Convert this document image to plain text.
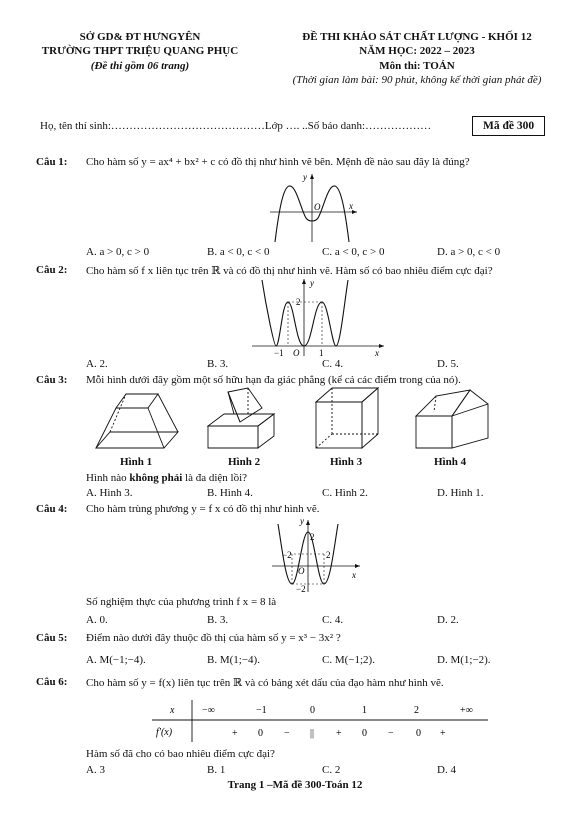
SỞ GD& ĐT HƯNGYÊN
TRƯỜNG THPT TRIỆU QUANG PHỤC
(Đề thi gồm 06 trang)
ĐỀ THI KHẢO SÁT CHẤT LƯỢNG - KHỐI 12
NĂM HỌC: 2022 – 2023
Môn thi: TOÁN
(Thời gian làm bài: 90 phút, không kể thời gian phát đề)
Họ, tên thí sinh:……………………………………Lớp …. ..Số báo danh:………………	Mã đề 300
Câu 1: Cho hàm số y = ax⁴ + bx² + c có đồ thị như hình vẽ bên. Mệnh đề nào sau đây là đúng?
y
O	x
A. a > 0, c > 0	B. a < 0, c < 0	C. a < 0, c > 0	D. a > 0, c < 0
Câu 2: Cho hàm số f x liên tục trên ℝ và có đồ thị như hình vẽ. Hàm số có bao nhiêu điểm cực đại?
2
y
−1 O 1	x
A. 2.	B. 3.	C. 4.	D. 5.
Câu 3: Mỗi hình dưới đây gồm một số hữu hạn đa giác phẳng (kể cả các điểm trong của nó).
Hình 1	Hình 2	Hình 3	Hình 4
Hình nào không phải là đa diện lồi?
A. Hình 3.	B. Hình 4.	C. Hình 2.	D. Hình 1.
Câu 4: Cho hàm trùng phương y = f x có đồ thị như hình vẽ.
y
2
−2	2
O	x
−2
Số nghiệm thực của phương trình f x = 8 là
A. 0.	B. 3.	C. 4.	D. 2.
Câu 5: Điểm nào dưới đây thuộc đồ thị của hàm số y = x³ − 3x² ?
A. M(−1;−4).	B. M(1;−4).	C. M(−1;2).	D. M(1;−2).
Câu 6: Cho hàm số y = f(x) liên tục trên ℝ và có bảng xét dấu của đạo hàm như hình vẽ.
x	−∞	−1	0	1	2	+∞
f′(x)	+ 0 − || + 0 − 0 +
Hàm số đã cho có bao nhiêu điểm cực đại?
A. 3	B. 1	C. 2	D. 4
Trang 1 –Mã đề 300-Toán 12
